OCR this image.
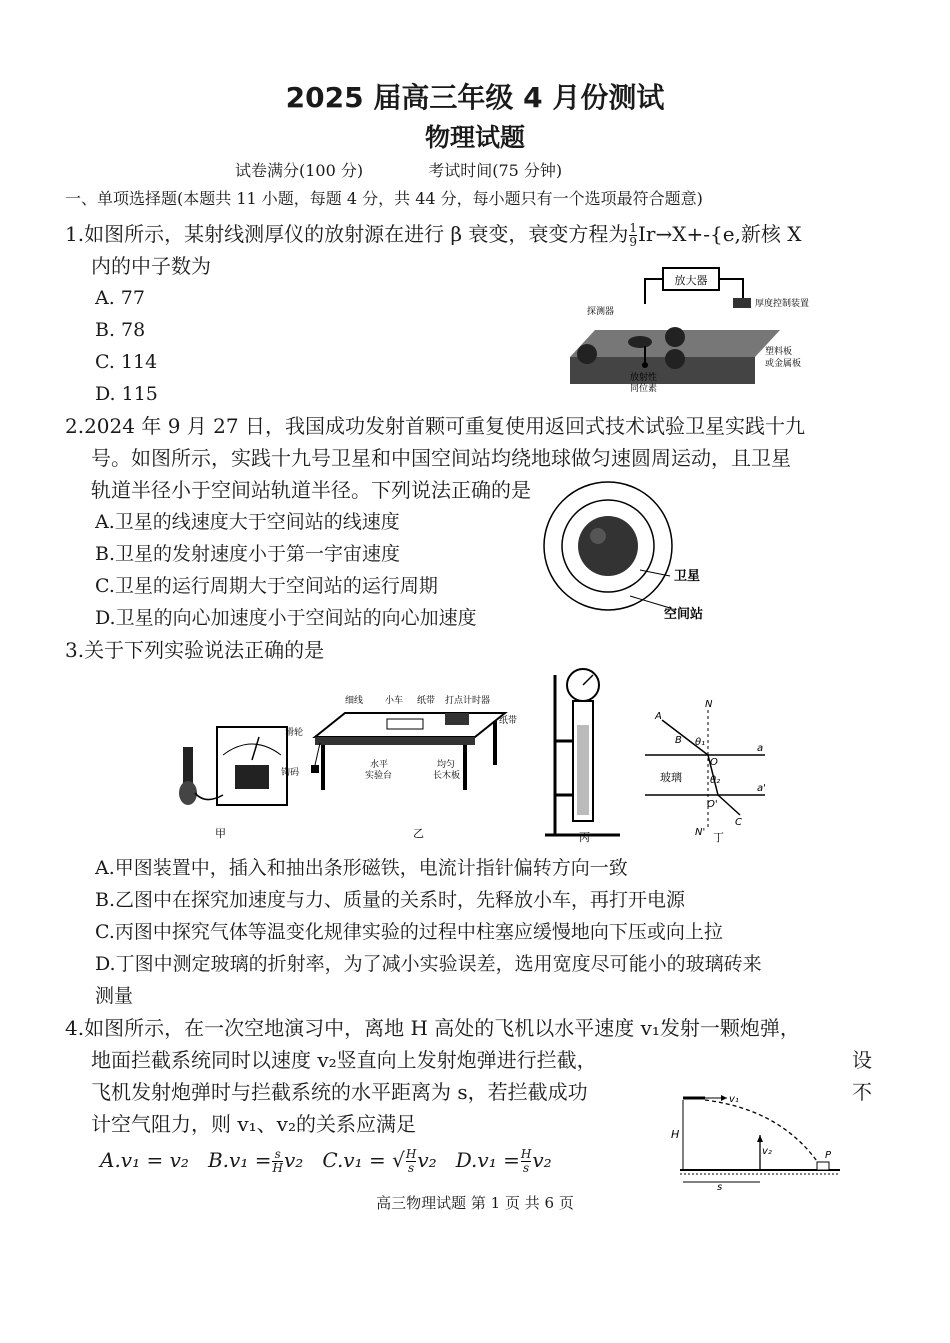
2025 届高三年级 4 月份测试
物理试题
试卷满分(100 分)	考试时间(75 分钟)
一、单项选择题(本题共 11 小题，每题 4 分，共 44 分，每小题只有一个选项最符合题意)
1.如图所示，某射线测厚仪的放射源在进行 β 衰变，衰变方程为 $\frac{1}{9} Ir\to X+-\{e$,新核 X
内的中子数为
A. 77
B. 78
C. 114
D. 115
放大器
探测器
厚度控制装置
塑料板
或金属板
放射性
同位素
2.2024 年 9 月 27 日，我国成功发射首颗可重复使用返回式技术试验卫星实践十九
号。如图所示，实践十九号卫星和中国空间站均绕地球做匀速圆周运动，且卫星
轨道半径小于空间站轨道半径。下列说法正确的是
A.卫星的线速度大于空间站的线速度
B.卫星的发射速度小于第一宇宙速度
C.卫星的运行周期大于空间站的运行周期
D.卫星的向心加速度小于空间站的向心加速度
卫星
空间站
3.关于下列实验说法正确的是
甲
细线 小车 纸带 打点计时器
纸带
滑轮
钩码
水平
实验台
均匀
长木板
乙	丙
A
B
C
N
N'
O
O'
a
a'
θ₁
θ₂
玻璃
丁
A.甲图装置中，插入和抽出条形磁铁，电流计指针偏转方向一致
B.乙图中在探究加速度与力、质量的关系时，先释放小车，再打开电源
C.丙图中探究气体等温变化规律实验的过程中柱塞应缓慢地向下压或向上拉
D.丁图中测定玻璃的折射率，为了减小实验误差，选用宽度尽可能小的玻璃砖来
测量
4.如图所示，在一次空地演习中，离地 H 高处的飞机以水平速度 v₁发射一颗炮弹，
地面拦截系统同时以速度 v₂竖直向上发射炮弹进行拦截，	设
飞机发射炮弹时与拦截系统的水平距离为 s，若拦截成功	不
计空气阻力，则 v₁、v₂的关系应满足
A.v₁ = v₂ $B.v_1 = \frac{s}{H} v_2$ C.v₁ = √ $\frac{H}{s} v_2$ $D.v_1 = \frac{H}{s} v_2$
v₁
H
v₂	P
s
高三物理试题 第 1 页 共 6 页
